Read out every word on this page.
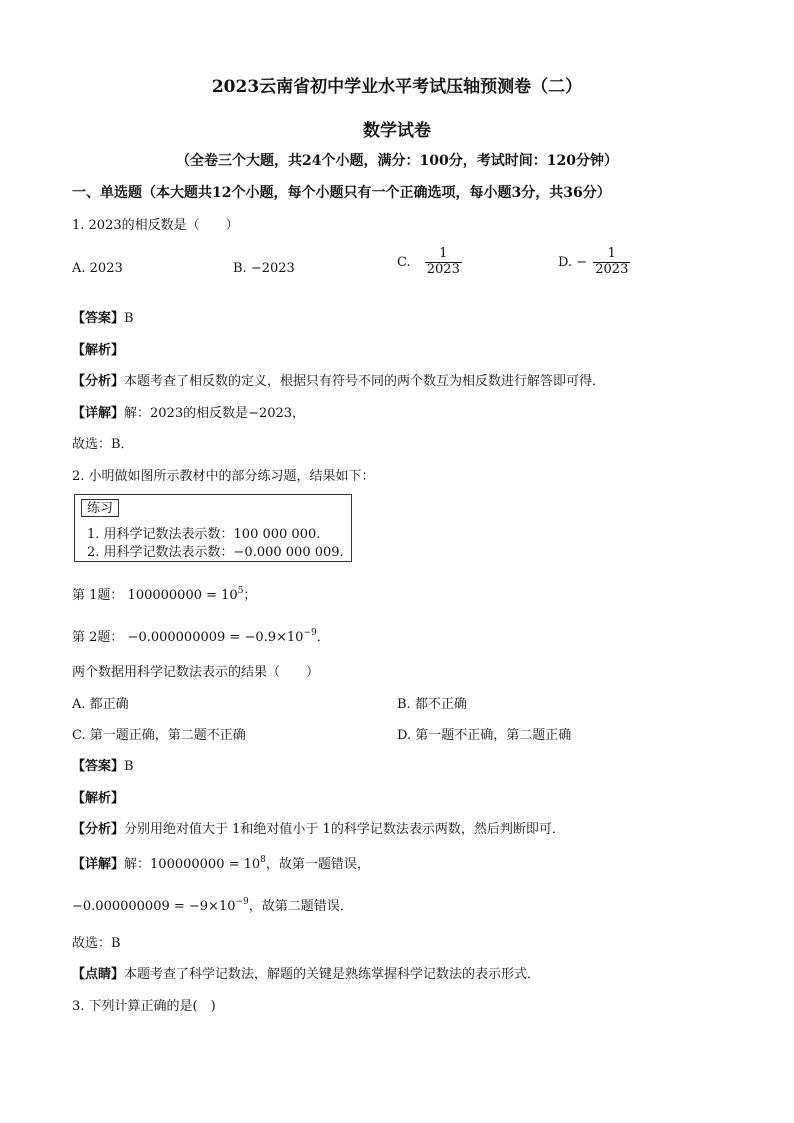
2023云南省初中学业水平考试压轴预测卷（二）
数学试卷
（全卷三个大题，共24个小题，满分：100分，考试时间：120分钟）
一、单选题（本大题共12个小题，每个小题只有一个正确选项，每小题3分，共36分）
1. 2023的相反数是（　　）
A. 2023	B. −2023	C. $\frac{1}{2023}$	D. − $\frac{1}{2023}$
【答案】B
【解析】
【分析】本题考查了相反数的定义，根据只有符号不同的两个数互为相反数进行解答即可得．
【详解】解：2023的相反数是−2023，
故选：B．
2. 小明做如图所示教材中的部分练习题，结果如下：
练习
1. 用科学记数法表示数：100 000 000.
2. 用科学记数法表示数：−0.000 000 009.
第 1题： $100000000 = 10^5$；
第 2题： $-0.000000009 = -0.9\times 10^{-9}$．
两个数据用科学记数法表示的结果（　　）
A. 都正确	B. 都不正确
C. 第一题正确，第二题不正确	D. 第一题不正确，第二题正确
【答案】B
【解析】
【分析】分别用绝对值大于 1和绝对值小于 1的科学记数法表示两数，然后判断即可．
【详解】解：$100000000 = 10^8$，故第一题错误，
$-0.000000009 = -9\times 10^{-9}$，故第二题错误．
故选：B
【点睛】本题考查了科学记数法，解题的关键是熟练掌握科学记数法的表示形式．
3. 下列计算正确的是(　)
